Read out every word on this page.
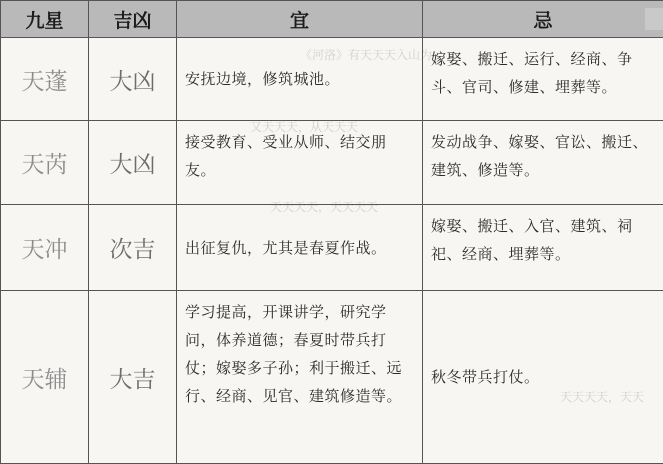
《河洛》有天天天入山为
又天天天，从天天天
天天天天，天天天天
天天天天，天天
九星	吉凶	宜	忌
天蓬	大凶	安抚边境，修筑城池。	嫁娶、搬迁、运行、经商、争斗、官司、修建、埋葬等。
天芮	大凶	接受教育、受业从师、结交朋友。	发动战争、嫁娶、官讼、搬迁、建筑、修造等。
天冲	次吉	出征复仇，尤其是春夏作战。	嫁娶、搬迁、入官、建筑、祠祀、经商、埋葬等。
天辅	大吉	学习提高，开课讲学，研究学问，体养道德；春夏时带兵打仗；嫁娶多子孙；利于搬迁、远行、经商、见官、建筑修造等。	秋冬带兵打仗。
